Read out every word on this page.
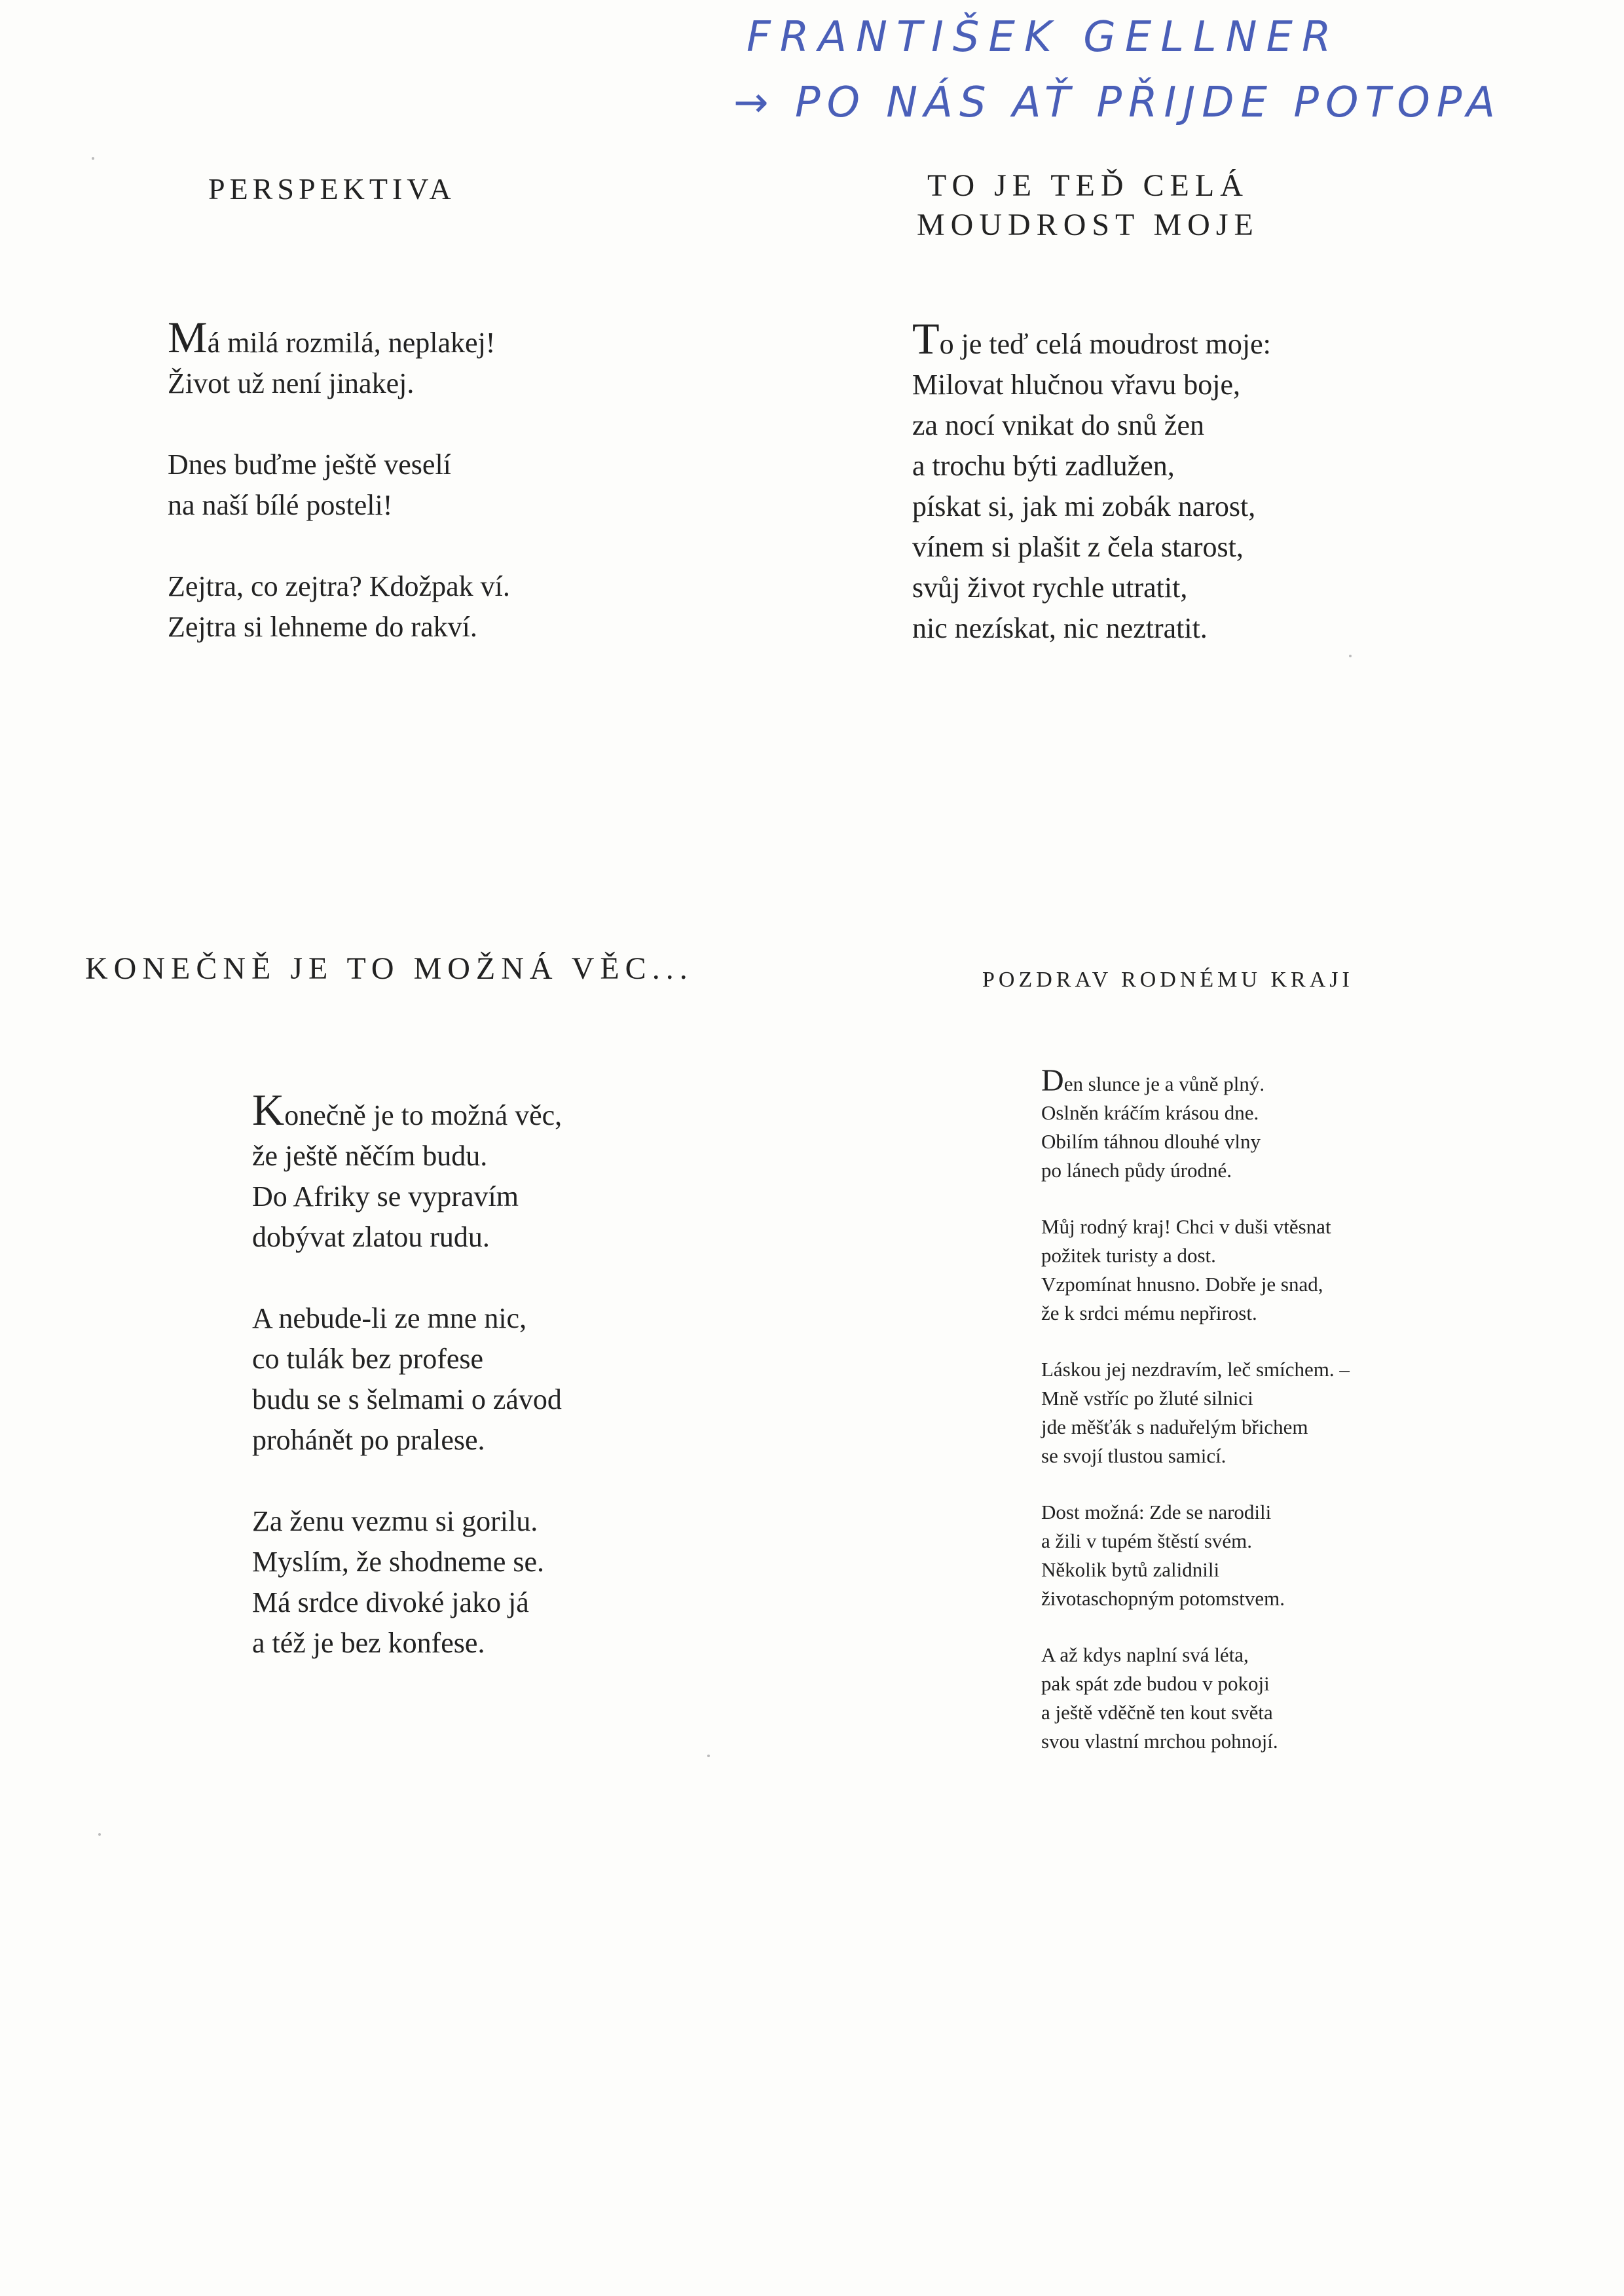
FRANTIŠEK GELLNER
→ PO NÁS AŤ PŘIJDE POTOPA
PERSPEKTIVA
Má milá rozmilá, neplakej!
Život už není jinakej.
Dnes buďme ještě veselí
na naší bílé posteli!
Zejtra, co zejtra? Kdožpak ví.
Zejtra si lehneme do rakví.
TO JE TEĎ CELÁ
MOUDROST MOJE
To je teď celá moudrost moje:
Milovat hlučnou vřavu boje,
za nocí vnikat do snů žen
a trochu býti zadlužen,
pískat si, jak mi zobák narost,
vínem si plašit z čela starost,
svůj život rychle utratit,
nic nezískat, nic neztratit.
KONEČNĚ JE TO MOŽNÁ VĚC...
Konečně je to možná věc,
že ještě něčím budu.
Do Afriky se vypravím
dobývat zlatou rudu.
A nebude-li ze mne nic,
co tulák bez profese
budu se s šelmami o závod
prohánět po pralese.
Za ženu vezmu si gorilu.
Myslím, že shodneme se.
Má srdce divoké jako já
a též je bez konfese.
POZDRAV RODNÉMU KRAJI
Den slunce je a vůně plný.
Oslněn kráčím krásou dne.
Obilím táhnou dlouhé vlny
po lánech půdy úrodné.
Můj rodný kraj! Chci v duši vtěsnat
požitek turisty a dost.
Vzpomínat hnusno. Dobře je snad,
že k srdci mému nepřirost.
Láskou jej nezdravím, leč smíchem. –
Mně vstříc po žluté silnici
jde měšťák s naduřelým břichem
se svojí tlustou samicí.
Dost možná: Zde se narodili
a žili v tupém štěstí svém.
Několik bytů zalidnili
životaschopným potomstvem.
A až kdys naplní svá léta,
pak spát zde budou v pokoji
a ještě vděčně ten kout světa
svou vlastní mrchou pohnojí.
